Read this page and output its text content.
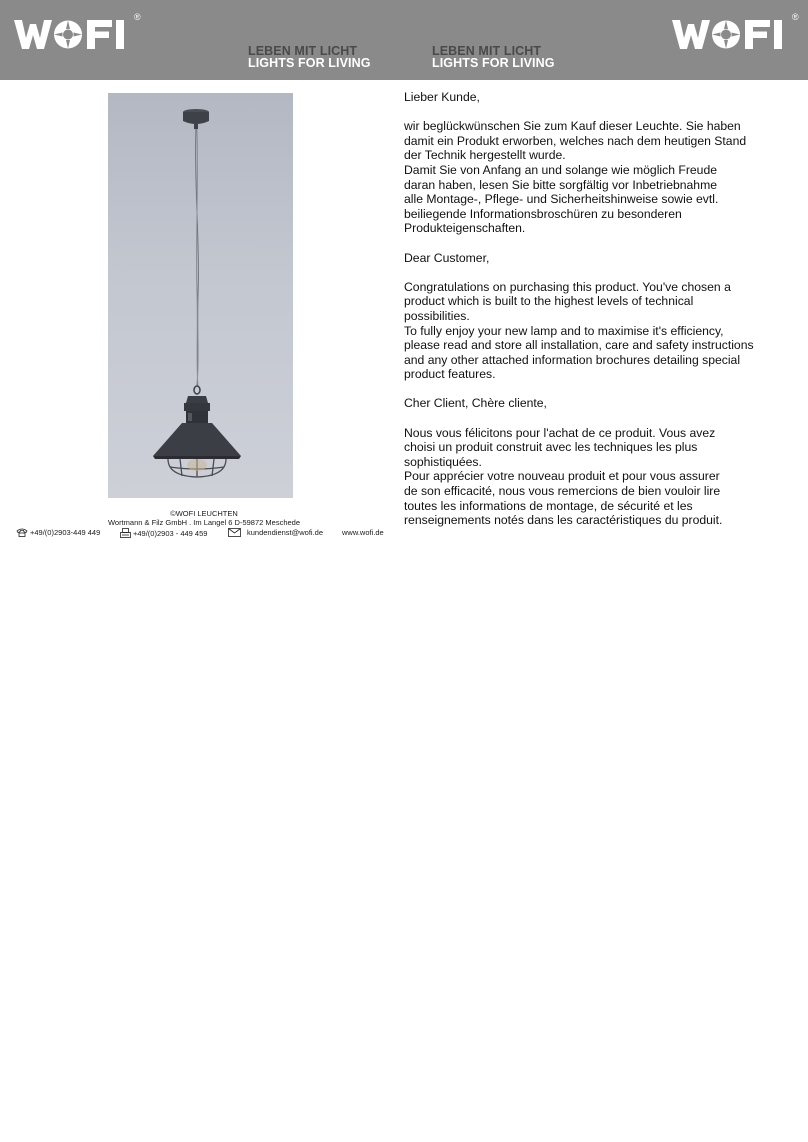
®
LEBEN MIT LICHT
LIGHTS FOR LIVING
LEBEN MIT LICHT
LIGHTS FOR LIVING
®
©WOFI LEUCHTEN
Wortmann & Filz GmbH . Im Langel 6 D-59872 Meschede
+49/(0)2903-449 449	+49/(0)2903 - 449 459	kundendienst@wofi.de	www.wofi.de

Lieber Kunde,

wir beglückwünschen Sie zum Kauf dieser Leuchte. Sie haben

damit ein Produkt erworben, welches nach dem heutigen Stand

der Technik hergestellt wurde.

Damit Sie von Anfang an und solange wie möglich Freude

daran haben, lesen Sie bitte sorgfältig vor Inbetriebnahme

alle Montage-, Pflege- und Sicherheitshinweise sowie evtl.

beiliegende Informationsbroschüren zu besonderen

Produkteigenschaften.

Dear Customer,

Congratulations on purchasing this product. You've chosen a

product which is built to the highest levels of technical

possibilities.

To fully enjoy your new lamp and to maximise it's efficiency,

please read and store all installation, care and safety instructions

and any other attached information brochures detailing special

product features.

Cher Client, Chère cliente,

Nous vous félicitons pour l'achat de ce produit. Vous avez

choisi un produit construit avec les techniques les plus

sophistiquées.

Pour apprécier votre nouveau produit et pour vous assurer

de son efficacité, nous vous remercions de bien vouloir lire

toutes les informations de montage, de sécurité et les

renseignements notés dans les caractéristiques du produit.
